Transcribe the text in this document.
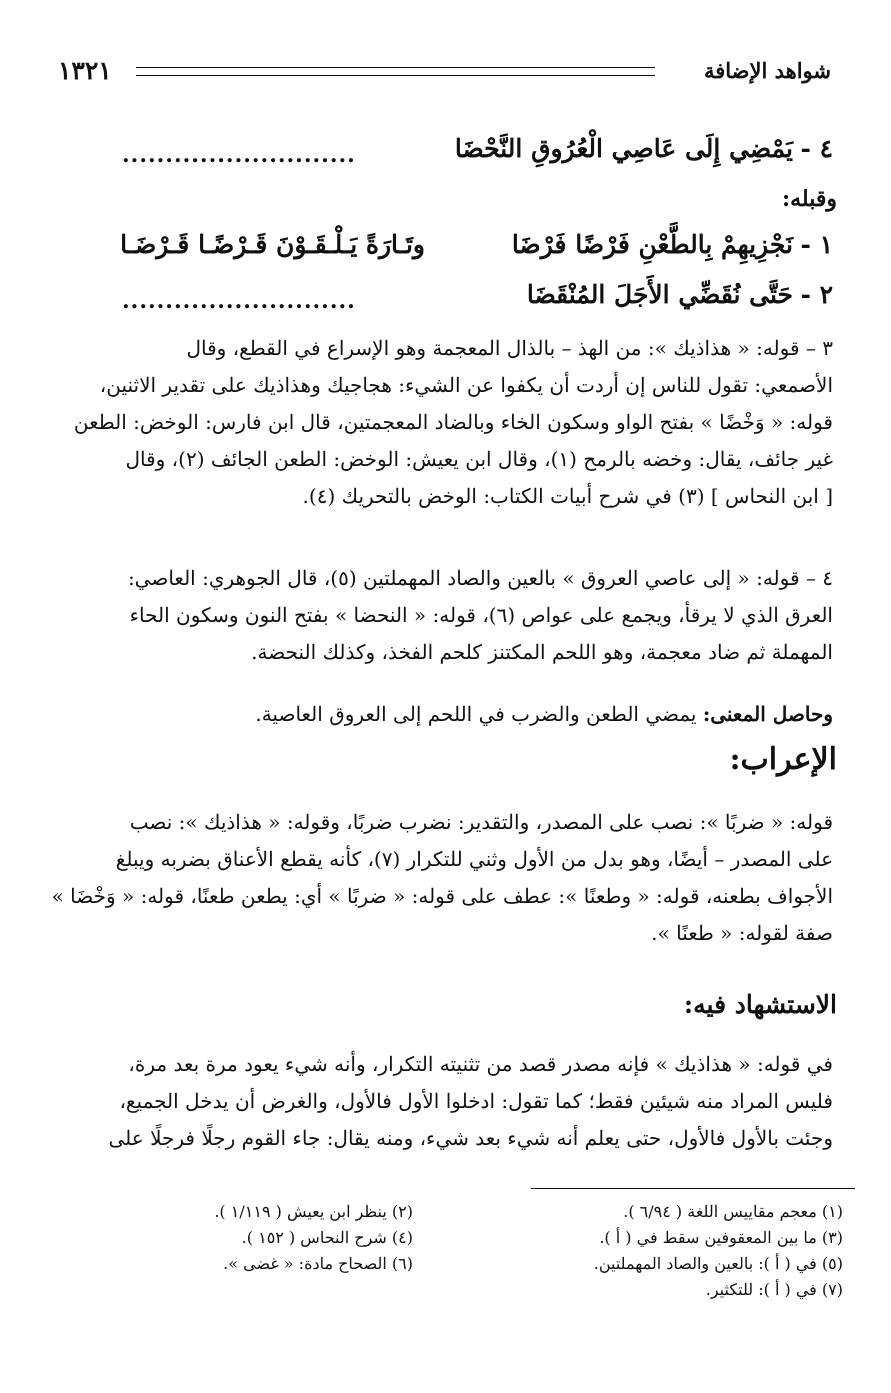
شواهد الإضافة
١٣٢١
٤ -
يَمْضِي إِلَى عَاصِي الْعُرُوقِ النَّحْضَا
...........................
وقبله:
١ -
نَجْزِيهِمْ بِالطَّعْنِ فَرْضًا فَرْضَا
وتَـارَةً يَـلْـقَـوْنَ قَـرْضًـا قَـرْضَـا
٢ -
حَتَّى نُقَضِّي الأَجَلَ المُنْقَضَا
...........................
٣ – قوله: « هذاذيك »: من الهذ – بالذال المعجمة وهو الإسراع في القطع، وقال
الأصمعي: تقول للناس إن أردت أن يكفوا عن الشيء: هجاجيك وهذاذيك على تقدير الاثنين،
قوله: « وَخْضًا » بفتح الواو وسكون الخاء وبالضاد المعجمتين، قال ابن فارس: الوخض: الطعن
غير جائف، يقال: وخضه بالرمح (١)، وقال ابن يعيش: الوخض: الطعن الجائف (٢)، وقال
[ ابن النحاس ] (٣) في شرح أبيات الكتاب: الوخض بالتحريك (٤).
٤ – قوله: « إلى عاصي العروق » بالعين والصاد المهملتين (٥)، قال الجوهري: العاصي:
العرق الذي لا يرقأ، ويجمع على عواص (٦)، قوله: « النحضا » بفتح النون وسكون الحاء
المهملة ثم ضاد معجمة، وهو اللحم المكتنز كلحم الفخذ، وكذلك النحضة.
وحاصل المعنى: يمضي الطعن والضرب في اللحم إلى العروق العاصية.
الإعراب:
قوله: « ضربًا »: نصب على المصدر، والتقدير: نضرب ضربًا، وقوله: « هذاذيك »: نصب
على المصدر – أيضًا، وهو بدل من الأول وثني للتكرار (٧)، كأنه يقطع الأعناق بضربه ويبلغ
الأجواف بطعنه، قوله: « وطعنًا »: عطف على قوله: « ضربًا » أي: يطعن طعنًا، قوله: « وَخْضَا »
صفة لقوله: « طعنًا ».
الاستشهاد فيه:
في قوله: « هذاذيك » فإنه مصدر قصد من تثنيته التكرار، وأنه شيء يعود مرة بعد مرة،
فليس المراد منه شيئين فقط؛ كما تقول: ادخلوا الأول فالأول، والغرض أن يدخل الجميع،
وجئت بالأول فالأول، حتى يعلم أنه شيء بعد شيء، ومنه يقال: جاء القوم رجلًا فرجلًا على
(١) معجم مقاييس اللغة ( ٦/٩٤ ).
(٢) ينظر ابن يعيش ( ١/١١٩ ).
(٣) ما بين المعقوفين سقط في ( أ ).
(٤) شرح النحاس ( ١٥٢ ).
(٥) في ( أ ): بالعين والصاد المهملتين.
(٦) الصحاح مادة: « غضى ».
(٧) في ( أ ): للتكثير.
